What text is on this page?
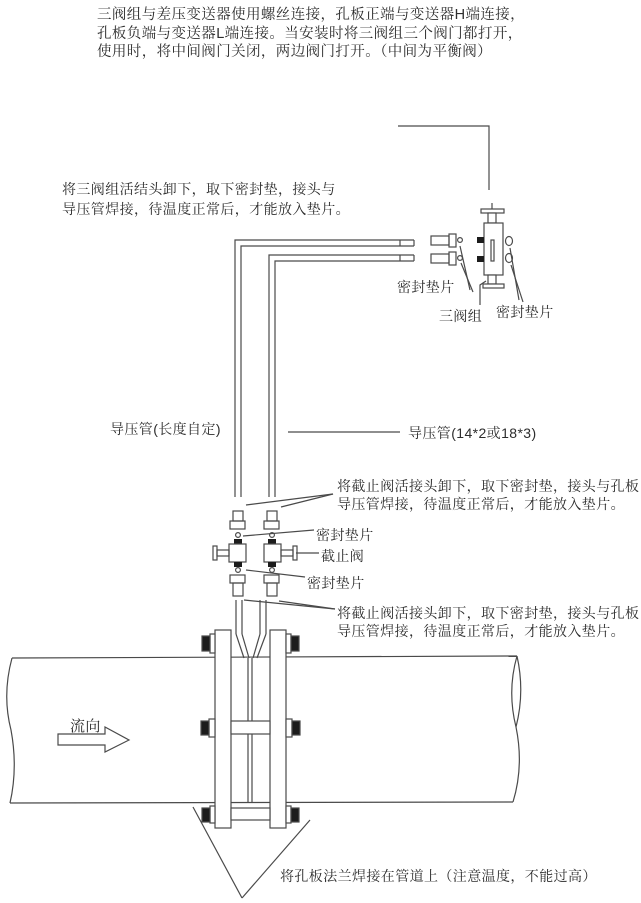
三阀组与差压变送器使用螺丝连接，孔板正端与变送器H端连接，
孔板负端与变送器L端连接。当安装时将三阀组三个阀门都打开，
使用时，将中间阀门关闭，两边阀门打开。（中间为平衡阀）
将三阀组活结头卸下，取下密封垫，接头与
导压管焊接，待温度正常后，才能放入垫片。
密封垫片
三阀组 密封垫片
导压管(长度自定)	导压管(14*2或18*3)
将截止阀活接头卸下，取下密封垫，接头与孔板
导压管焊接，待温度正常后，才能放入垫片。
密封垫片
截止阀
密封垫片
将截止阀活接头卸下，取下密封垫，接头与孔板
导压管焊接，待温度正常后，才能放入垫片。
流向
将孔板法兰焊接在管道上（注意温度，不能过高）
